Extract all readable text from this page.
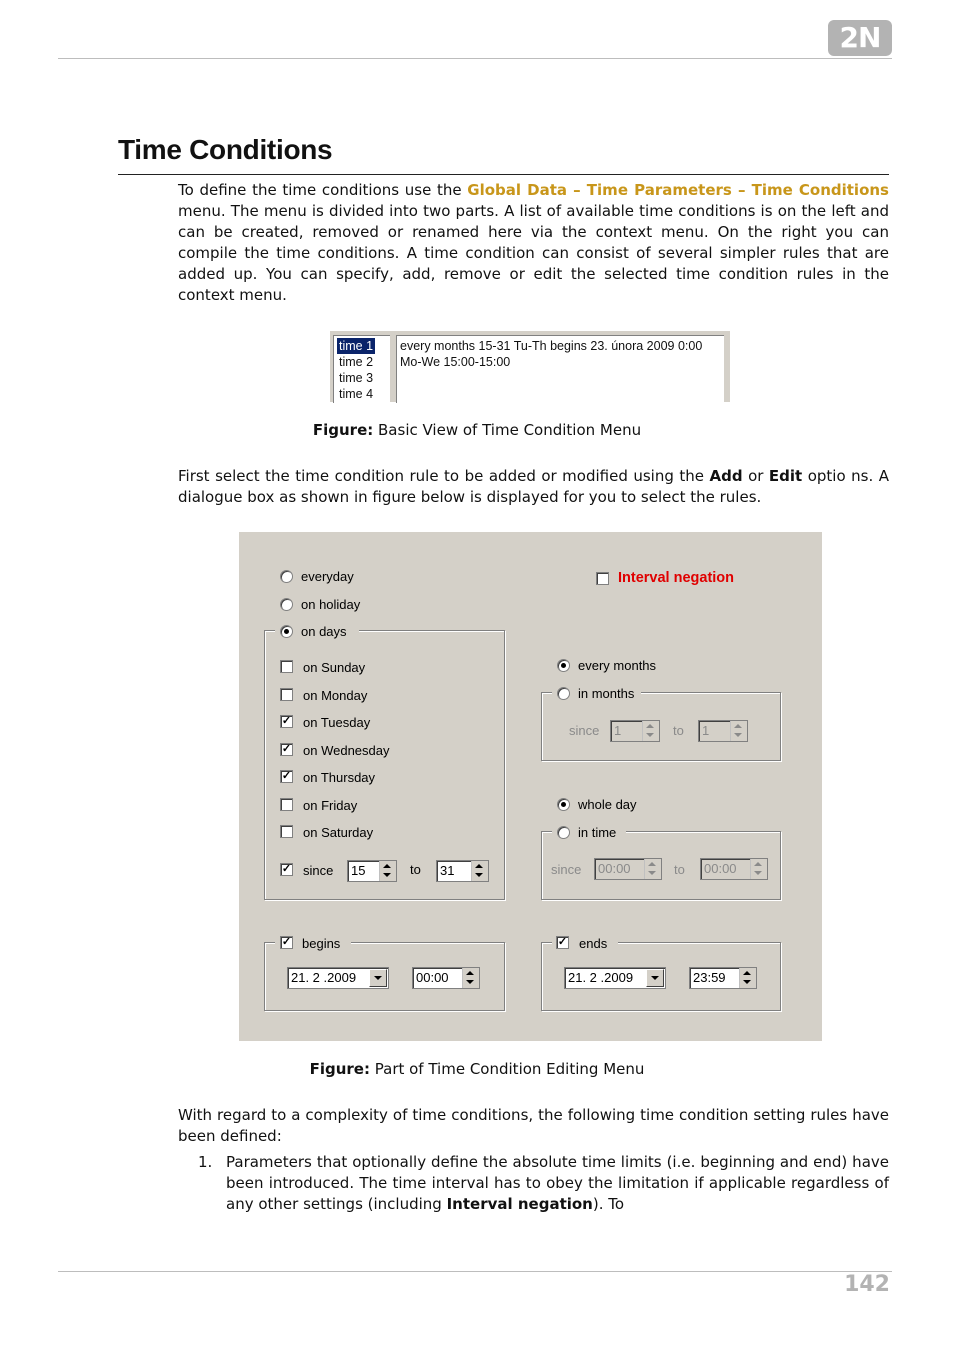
2N
Time Conditions
To define the time conditions use the Global Data – Time Parameters – Time Conditions menu. The menu is divided into two parts. A list of available time conditions is on the left and can be created, removed or renamed here via the context menu. On the right you can compile the time conditions. A time condition can consist of several simpler rules that are added up. You can specify, add, remove or edit the selected time condition rules in the context menu.
time 1
time 2
time 3
time 4
every months 15-31 Tu-Th begins 23. února 2009 0:00
Mo-We 15:00-15:00
Figure: Basic View of Time Condition Menu
First select the time condition rule to be added or modified using the Add or Edit optio ns. A dialogue box as shown in figure below is displayed for you to select the rules.
everyday
on holiday
on days
on Sunday
on Monday
✓ on Tuesday
✓ on Wednesday
✓ on Thursday
on Friday
on Saturday
✓ since 15	to 31
Interval negation
every months
in months
since 1	to 1
whole day
in time
since 00:00	to 00:00
✓ begins
21. 2 .2009	00:00
✓ ends
21. 2 .2009	23:59
Figure: Part of Time Condition Editing Menu
With regard to a complexity of time conditions, the following time condition setting rules have been defined:
1. Parameters that optionally define the absolute time limits (i.e. beginning and end) have been introduced. The time interval has to obey the limitation if applicable regardless of any other settings (including Interval negation). To
142
